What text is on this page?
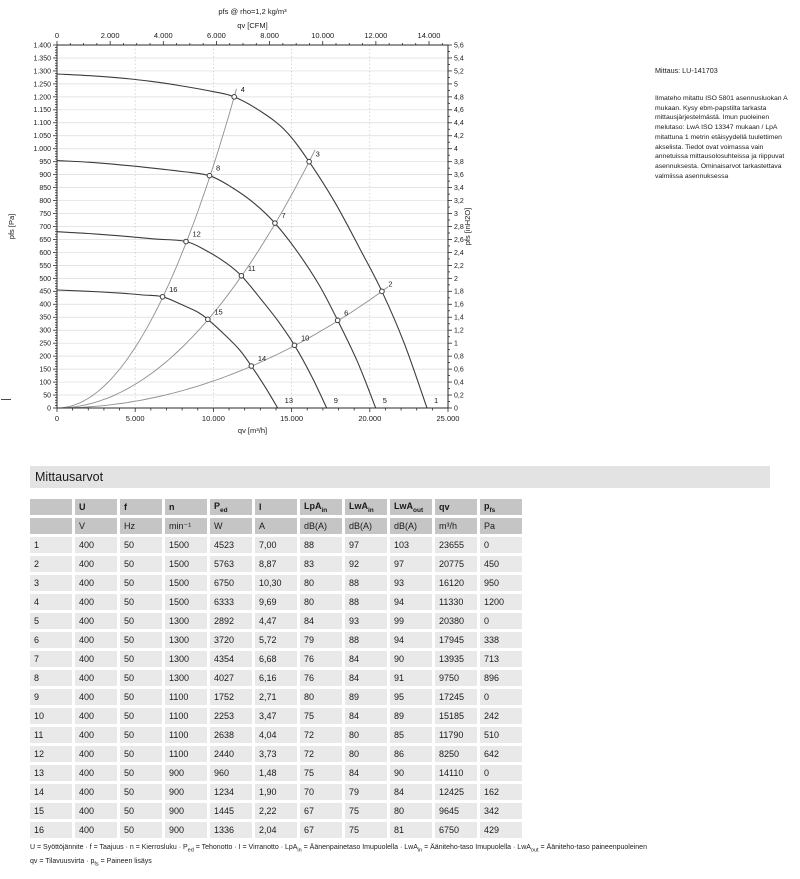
0
50
100
150
200
250
300
350
400
450
500
550
600
650
700
750
800
850
900
950
1.000
1.050
1.100
1.150
1.200
1.250
1.300
1.350
1.400
0
0,2
0,4
0,6
0,8
1
1,2
1,4
1,6
1,8
2
2,2
2,4
2,6
2,8
3
3,2
3,4
3,6
3,8
4
4,2
4,4
4,6
4,8
5
5,2
5,4
5,6
0	2.000	4.000	6.000	8.000	10.000	12.000	14.000
0	5.000	10.000	15.000	20.000	25.000
pfs @ rho=1,2 kg/m³
qv [CFM]
qv [m³/h]
pfs [Pa]	pfs [inH2O]
1
2
3
4
5
6
7
8
9
10
11
12
13
14
15
16
Mittaus: LU-141703

Ilmateho mitattu ISO 5801 asennusluokan A mukaan. Kysy ebm-papstilta tarkasta mittausjärjestelmästä. Imun puoleinen melutaso: LwA ISO 13347 mukaan / LpA mitattuna 1 metrin etäisyydellä tuulettimen akselista. Tiedot ovat voimassa vain annetuissa mittausolosuhteissa ja riippuvat asennuksesta. Ominaisarvot tarkastettava valmiissa asennuksessa

Mittausarvot
	U	f	n	$P_{ed}$	I	LpA$_{in}$	LwA$_{in}$	LwA$_{out}$	qv	$p_{fs}$
	V	Hz	min⁻¹	W	A	dB(A)	dB(A)	dB(A)	m³/h	Pa
1	400	50	1500	4523	7,00	88	97	103	23655	0
2	400	50	1500	5763	8,87	83	92	97	20775	450
3	400	50	1500	6750	10,30	80	88	93	16120	950
4	400	50	1500	6333	9,69	80	88	94	11330	1200
5	400	50	1300	2892	4,47	84	93	99	20380	0
6	400	50	1300	3720	5,72	79	88	94	17945	338
7	400	50	1300	4354	6,68	76	84	90	13935	713
8	400	50	1300	4027	6,16	76	84	91	9750	896
9	400	50	1100	1752	2,71	80	89	95	17245	0
10	400	50	1100	2253	3,47	75	84	89	15185	242
11	400	50	1100	2638	4,04	72	80	85	11790	510
12	400	50	1100	2440	3,73	72	80	86	8250	642
13	400	50	900	960	1,48	75	84	90	14110	0
14	400	50	900	1234	1,90	70	79	84	12425	162
15	400	50	900	1445	2,22	67	75	80	9645	342
16	400	50	900	1336	2,04	67	75	81	6750	429
U = Syöttöjännite · f = Taajuus · n = Kierrosluku · $P_{ed}$ = Tehonotto · I = Virranotto · LpA$_{in}$ = Äänenpainetaso Imupuolella · LwA$_{in}$ = Ääniteho-taso Imupuolella · LwA$_{out}$ = Ääniteho-taso paineenpuoleinen
qv = Tilavuusvirta · $p_{fs}$ = Paineen lisäys
